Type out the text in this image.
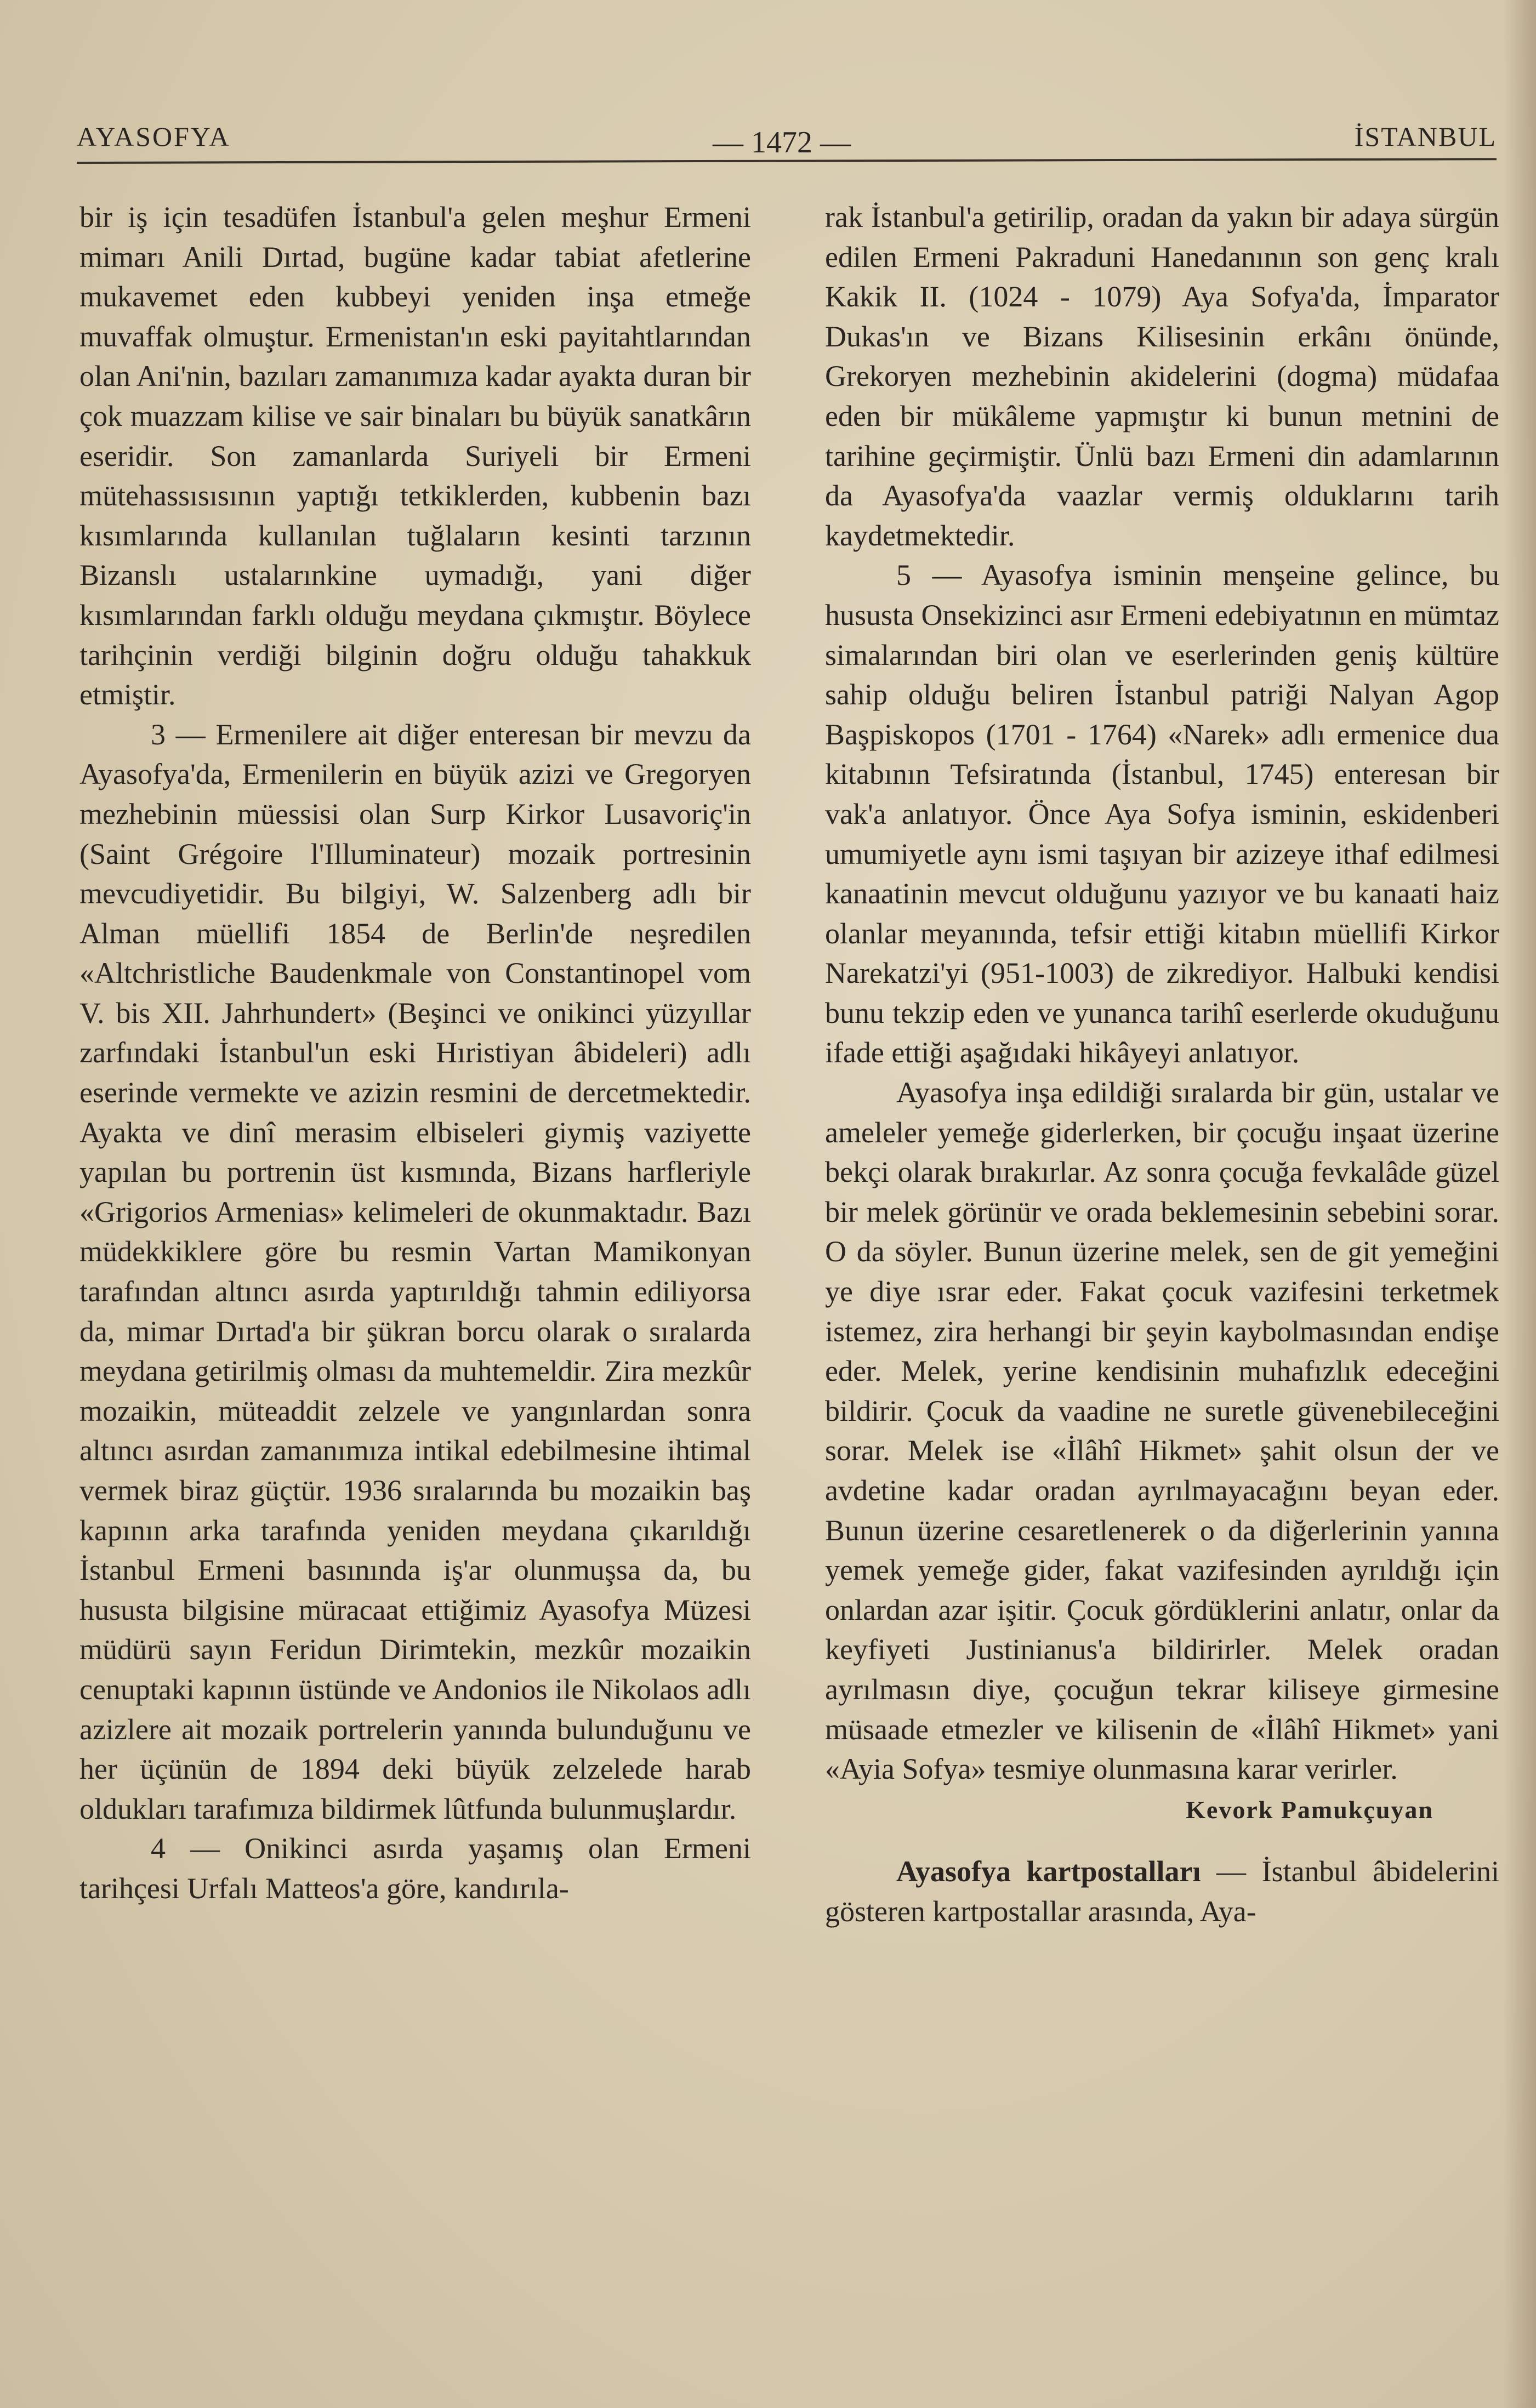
AYASOFYA	— 1472 —	İSTANBUL

bir iş için tesadüfen İstanbul'a gelen meşhur Ermeni mimarı Anili Dırtad, bugüne kadar tabiat afetlerine mukavemet eden kubbeyi yeniden inşa etmeğe muvaffak olmuştur. Ermenistan'ın eski payitahtlarından olan Ani'nin, bazıları zamanımıza kadar ayakta duran bir çok muazzam kilise ve sair binaları bu büyük sanatkârın eseridir. Son zamanlarda Suriyeli bir Ermeni mütehassısısının yaptığı tetkiklerden, kubbenin bazı kısımlarında kullanılan tuğlaların kesinti tarzının Bizanslı ustalarınkine uymadığı, yani diğer kısımlarından farklı olduğu meydana çıkmıştır. Böylece tarihçinin verdiği bilginin doğru olduğu tahakkuk etmiştir.

3 — Ermenilere ait diğer enteresan bir mevzu da Ayasofya'da, Ermenilerin en büyük azizi ve Gregoryen mezhebinin müessisi olan Surp Kirkor Lusavoriç'in (Saint Grégoire l'Illuminateur) mozaik portresinin mevcudiyetidir. Bu bilgiyi, W. Salzenberg adlı bir Alman müellifi 1854 de Berlin'de neşredilen «Altchristliche Baudenkmale von Constantinopel vom V. bis XII. Jahrhundert» (Beşinci ve onikinci yüzyıllar zarfındaki İstanbul'un eski Hıristiyan âbideleri) adlı eserinde vermekte ve azizin resmini de dercetmektedir. Ayakta ve dinî merasim elbiseleri giymiş vaziyette yapılan bu portrenin üst kısmında, Bizans harfleriyle «Grigorios Armenias» kelimeleri de okunmaktadır. Bazı müdekkiklere göre bu resmin Vartan Mamikonyan tarafından altıncı asırda yaptırıldığı tahmin ediliyorsa da, mimar Dırtad'a bir şükran borcu olarak o sıralarda meydana getirilmiş olması da muhtemeldir. Zira mezkûr mozaikin, müteaddit zelzele ve yangınlardan sonra altıncı asırdan zamanımıza intikal edebilmesine ihtimal vermek biraz güçtür. 1936 sıralarında bu mozaikin baş kapının arka tarafında yeniden meydana çıkarıldığı İstanbul Ermeni basınında iş'ar olunmuşsa da, bu hususta bilgisine müracaat ettiğimiz Ayasofya Müzesi müdürü sayın Feridun Dirimtekin, mezkûr mozaikin cenuptaki kapının üstünde ve Andonios ile Nikolaos adlı azizlere ait mozaik portrelerin yanında bulunduğunu ve her üçünün de 1894 deki büyük zelzelede harab oldukları tarafımıza bildirmek lûtfunda bulunmuşlardır.

4 — Onikinci asırda yaşamış olan Ermeni tarihçesi Urfalı Matteos'a göre, kandırıla-

rak İstanbul'a getirilip, oradan da yakın bir adaya sürgün edilen Ermeni Pakraduni Hanedanının son genç kralı Kakik II. (1024 - 1079) Aya Sofya'da, İmparator Dukas'ın ve Bizans Kilisesinin erkânı önünde, Grekoryen mezhebinin akidelerini (dogma) müdafaa eden bir mükâleme yapmıştır ki bunun metnini de tarihine geçirmiştir. Ünlü bazı Ermeni din adamlarının da Ayasofya'da vaazlar vermiş olduklarını tarih kaydetmektedir.

5 — Ayasofya isminin menşeine gelince, bu hususta Onsekizinci asır Ermeni edebiyatının en mümtaz simalarından biri olan ve eserlerinden geniş kültüre sahip olduğu beliren İstanbul patriği Nalyan Agop Başpiskopos (1701 - 1764) «Narek» adlı ermenice dua kitabının Tefsiratında (İstanbul, 1745) enteresan bir vak'a anlatıyor. Önce Aya Sofya isminin, eskidenberi umumiyetle aynı ismi taşıyan bir azizeye ithaf edilmesi kanaatinin mevcut olduğunu yazıyor ve bu kanaati haiz olanlar meyanında, tefsir ettiği kitabın müellifi Kirkor Narekatzi'yi (951-1003) de zikrediyor. Halbuki kendisi bunu tekzip eden ve yunanca tarihî eserlerde okuduğunu ifade ettiği aşağıdaki hikâyeyi anlatıyor.

Ayasofya inşa edildiği sıralarda bir gün, ustalar ve ameleler yemeğe giderlerken, bir çocuğu inşaat üzerine bekçi olarak bırakırlar. Az sonra çocuğa fevkalâde güzel bir melek görünür ve orada beklemesinin sebebini sorar. O da söyler. Bunun üzerine melek, sen de git yemeğini ye diye ısrar eder. Fakat çocuk vazifesini terketmek istemez, zira herhangi bir şeyin kaybolmasından endişe eder. Melek, yerine kendisinin muhafızlık edeceğini bildirir. Çocuk da vaadine ne suretle güvenebileceğini sorar. Melek ise «İlâhî Hikmet» şahit olsun der ve avdetine kadar oradan ayrılmayacağını beyan eder. Bunun üzerine cesaretlenerek o da diğerlerinin yanına yemek yemeğe gider, fakat vazifesinden ayrıldığı için onlardan azar işitir. Çocuk gördüklerini anlatır, onlar da keyfiyeti Justinianus'a bildirirler. Melek oradan ayrılmasın diye, çocuğun tekrar kiliseye girmesine müsaade etmezler ve kilisenin de «İlâhî Hikmet» yani «Ayia Sofya» tesmiye olunmasına karar verirler.

Kevork Pamukçuyan

Ayasofya kartpostalları — İstanbul âbidelerini gösteren kartpostallar arasında, Aya-
